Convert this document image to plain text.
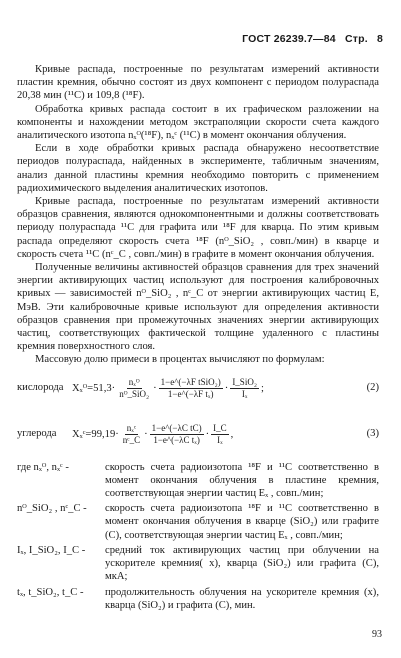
ГОСТ 26239.7—84 Стр. 8

Кривые распада, построенные по результатам измерений активности пластин кремния, обычно состоят из двух компонент с периодом полураспада 20,38 мин (¹¹C) и 109,8 (¹⁸F).

Обработка кривых распада состоит в их графическом разложении на компоненты и нахождении методом экстраполяции скорости счета каждого аналитического изотопа nₓᴼ(¹⁸F), nₓᶜ (¹¹C) в момент окончания облучения.

Если в ходе обработки кривых распада обнаружено несоответствие периодов полураспада, найденных в эксперименте, табличным значениям, анализ данной пластины кремния необходимо повторить с применением радиохимического выделения аналитических изотопов.

Кривые распада, построенные по результатам измерений активности образцов сравнения, являются однокомпонентными и должны соответствовать периоду полураспада ¹¹C для графита или ¹⁸F для кварца. По этим кривым распада определяют скорость счета ¹⁸F (nᴼ_SiO₂ , совп./мин) в кварце и скорость счета ¹¹C (nᶜ_C , совп./мин) в графите в момент окончания облучения.

Полученные величины активностей образцов сравнения для трех значений энергии активирующих частиц используют для построения калибровочных кривых — зависимостей nᴼ_SiO₂ , nᶜ_C от энергии активирующих частиц E, МэВ. Эти калибровочные кривые используют для определения активности образцов сравнения при промежуточных значениях энергии активирующих частиц, соответствующих фактической толщине удаленного с пластины кремния поверхностного слоя.

Массовую долю примеси в процентах вычисляют по формулам:

кислорода Xₓᴼ=51,3· $\frac{\text{nₓᴼ}}{\text{nᴼ\_SiO₂}} \cdot \frac{\text{1−e\textasciicircum{}(−λF tSiO₂)}}{\text{1−e\textasciicircum{}(−λF tₓ)}} \cdot \frac{\text{I\_SiO₂}}{\text{Iₓ}}$ ;	(2)
углерода Xₓᶜ=99,19· $\frac{\text{nₓᶜ}}{\text{nᶜ\_C}} \cdot \frac{\text{1−e\textasciicircum{}(−λC tC)}}{\text{1−e\textasciicircum{}(−λC tₓ)}} \cdot \frac{I\_C}{\text{Iₓ}}$ ,	(3)
где nₓᴼ, nₓᶜ -	скорость счета радиоизотопа ¹⁸F и ¹¹C соответственно в момент окончания облучения в пластине кремния, соответствующая энергии частиц Eₓ , совп./мин;
nᴼ_SiO₂ , nᶜ_C -	скорость счета радиоизотопа ¹⁸F и ¹¹C соответственно в момент окончания облучения в кварце (SiO₂) или графите (C), соответствующая энергии частиц Eₓ , совп./мин;
Iₓ, I_SiO₂, I_C -	средний ток активирующих частиц при облучении на ускорителе кремния( x), кварца (SiO₂) или графита (C), мкА;
tₓ, t_SiO₂, t_C -	продолжительность облучения на ускорителе кремния (x), кварца (SiO₂) и графита (C), мин.
93
